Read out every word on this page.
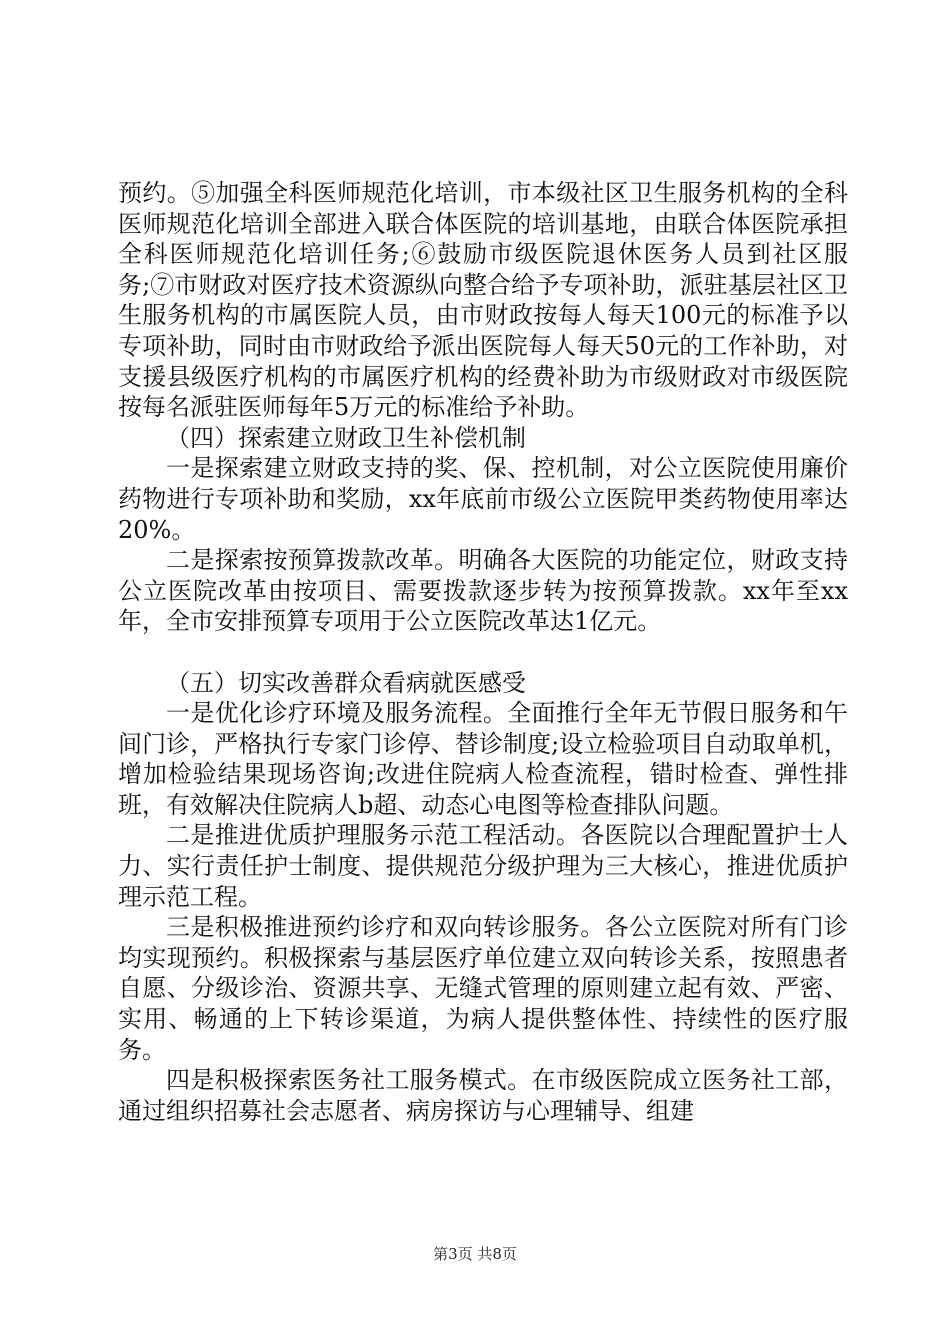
预约。⑤加强全科医师规范化培训，市本级社区卫生服务机构的全科医师规范化培训全部进入联合体医院的培训基地，由联合体医院承担全科医师规范化培训任务;⑥鼓励市级医院退休医务人员到社区服务;⑦市财政对医疗技术资源纵向整合给予专项补助，派驻基层社区卫生服务机构的市属医院人员，由市财政按每人每天100元的标准予以专项补助，同时由市财政给予派出医院每人每天50元的工作补助，对支援县级医疗机构的市属医疗机构的经费补助为市级财政对市级医院按每名派驻医师每年5万元的标准给予补助。

（四）探索建立财政卫生补偿机制

一是探索建立财政支持的奖、保、控机制，对公立医院使用廉价药物进行专项补助和奖励，xx年底前市级公立医院甲类药物使用率达20%。

二是探索按预算拨款改革。明确各大医院的功能定位，财政支持公立医院改革由按项目、需要拨款逐步转为按预算拨款。xx年至xx年，全市安排预算专项用于公立医院改革达1亿元。

（五）切实改善群众看病就医感受

一是优化诊疗环境及服务流程。全面推行全年无节假日服务和午间门诊，严格执行专家门诊停、替诊制度;设立检验项目自动取单机，增加检验结果现场咨询;改进住院病人检查流程，错时检查、弹性排班，有效解决住院病人b超、动态心电图等检查排队问题。

二是推进优质护理服务示范工程活动。各医院以合理配置护士人力、实行责任护士制度、提供规范分级护理为三大核心，推进优质护理示范工程。

三是积极推进预约诊疗和双向转诊服务。各公立医院对所有门诊均实现预约。积极探索与基层医疗单位建立双向转诊关系，按照患者自愿、分级诊治、资源共享、无缝式管理的原则建立起有效、严密、实用、畅通的上下转诊渠道，为病人提供整体性、持续性的医疗服务。

四是积极探索医务社工服务模式。在市级医院成立医务社工部，通过组织招募社会志愿者、病房探访与心理辅导、组建

第3页 共8页
